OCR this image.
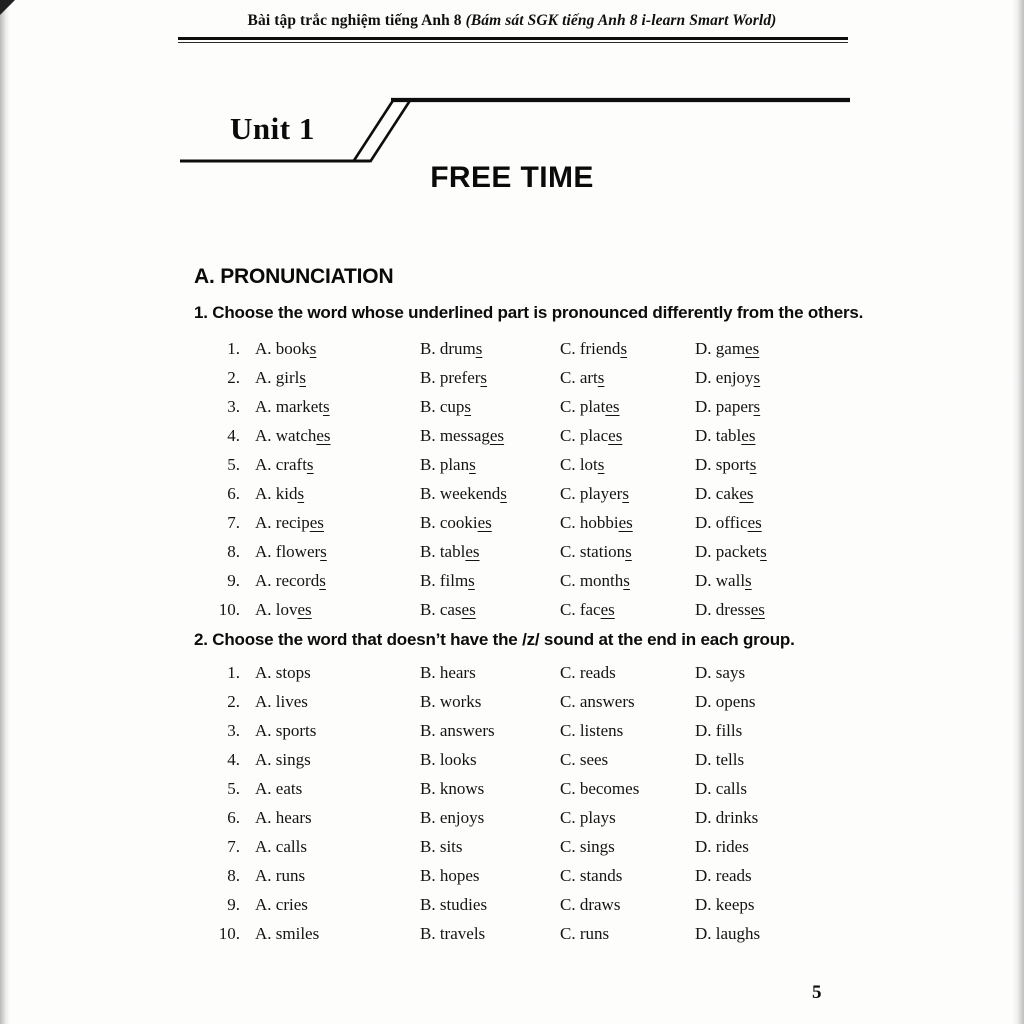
Bài tập trắc nghiệm tiếng Anh 8 (Bám sát SGK tiếng Anh 8 i-learn Smart World)
Unit 1
FREE TIME
A. PRONUNCIATION
1. Choose the word whose underlined part is pronounced differently from the others.
1. A. books	B. drums	C. friends	D. games
2. A. girls	B. prefers	C. arts	D. enjoys
3. A. markets	B. cups	C. plates	D. papers
4. A. watches	B. messages	C. places	D. tables
5. A. crafts	B. plans	C. lots	D. sports
6. A. kids	B. weekends	C. players	D. cakes
7. A. recipes	B. cookies	C. hobbies	D. offices
8. A. flowers	B. tables	C. stations	D. packets
9. A. records	B. films	C. months	D. walls
10. A. loves	B. cases	C. faces	D. dresses
2. Choose the word that doesn’t have the /z/ sound at the end in each group.
1. A. stops	B. hears	C. reads	D. says
2. A. lives	B. works	C. answers	D. opens
3. A. sports	B. answers	C. listens	D. fills
4. A. sings	B. looks	C. sees	D. tells
5. A. eats	B. knows	C. becomes	D. calls
6. A. hears	B. enjoys	C. plays	D. drinks
7. A. calls	B. sits	C. sings	D. rides
8. A. runs	B. hopes	C. stands	D. reads
9. A. cries	B. studies	C. draws	D. keeps
10. A. smiles	B. travels	C. runs	D. laughs
5
